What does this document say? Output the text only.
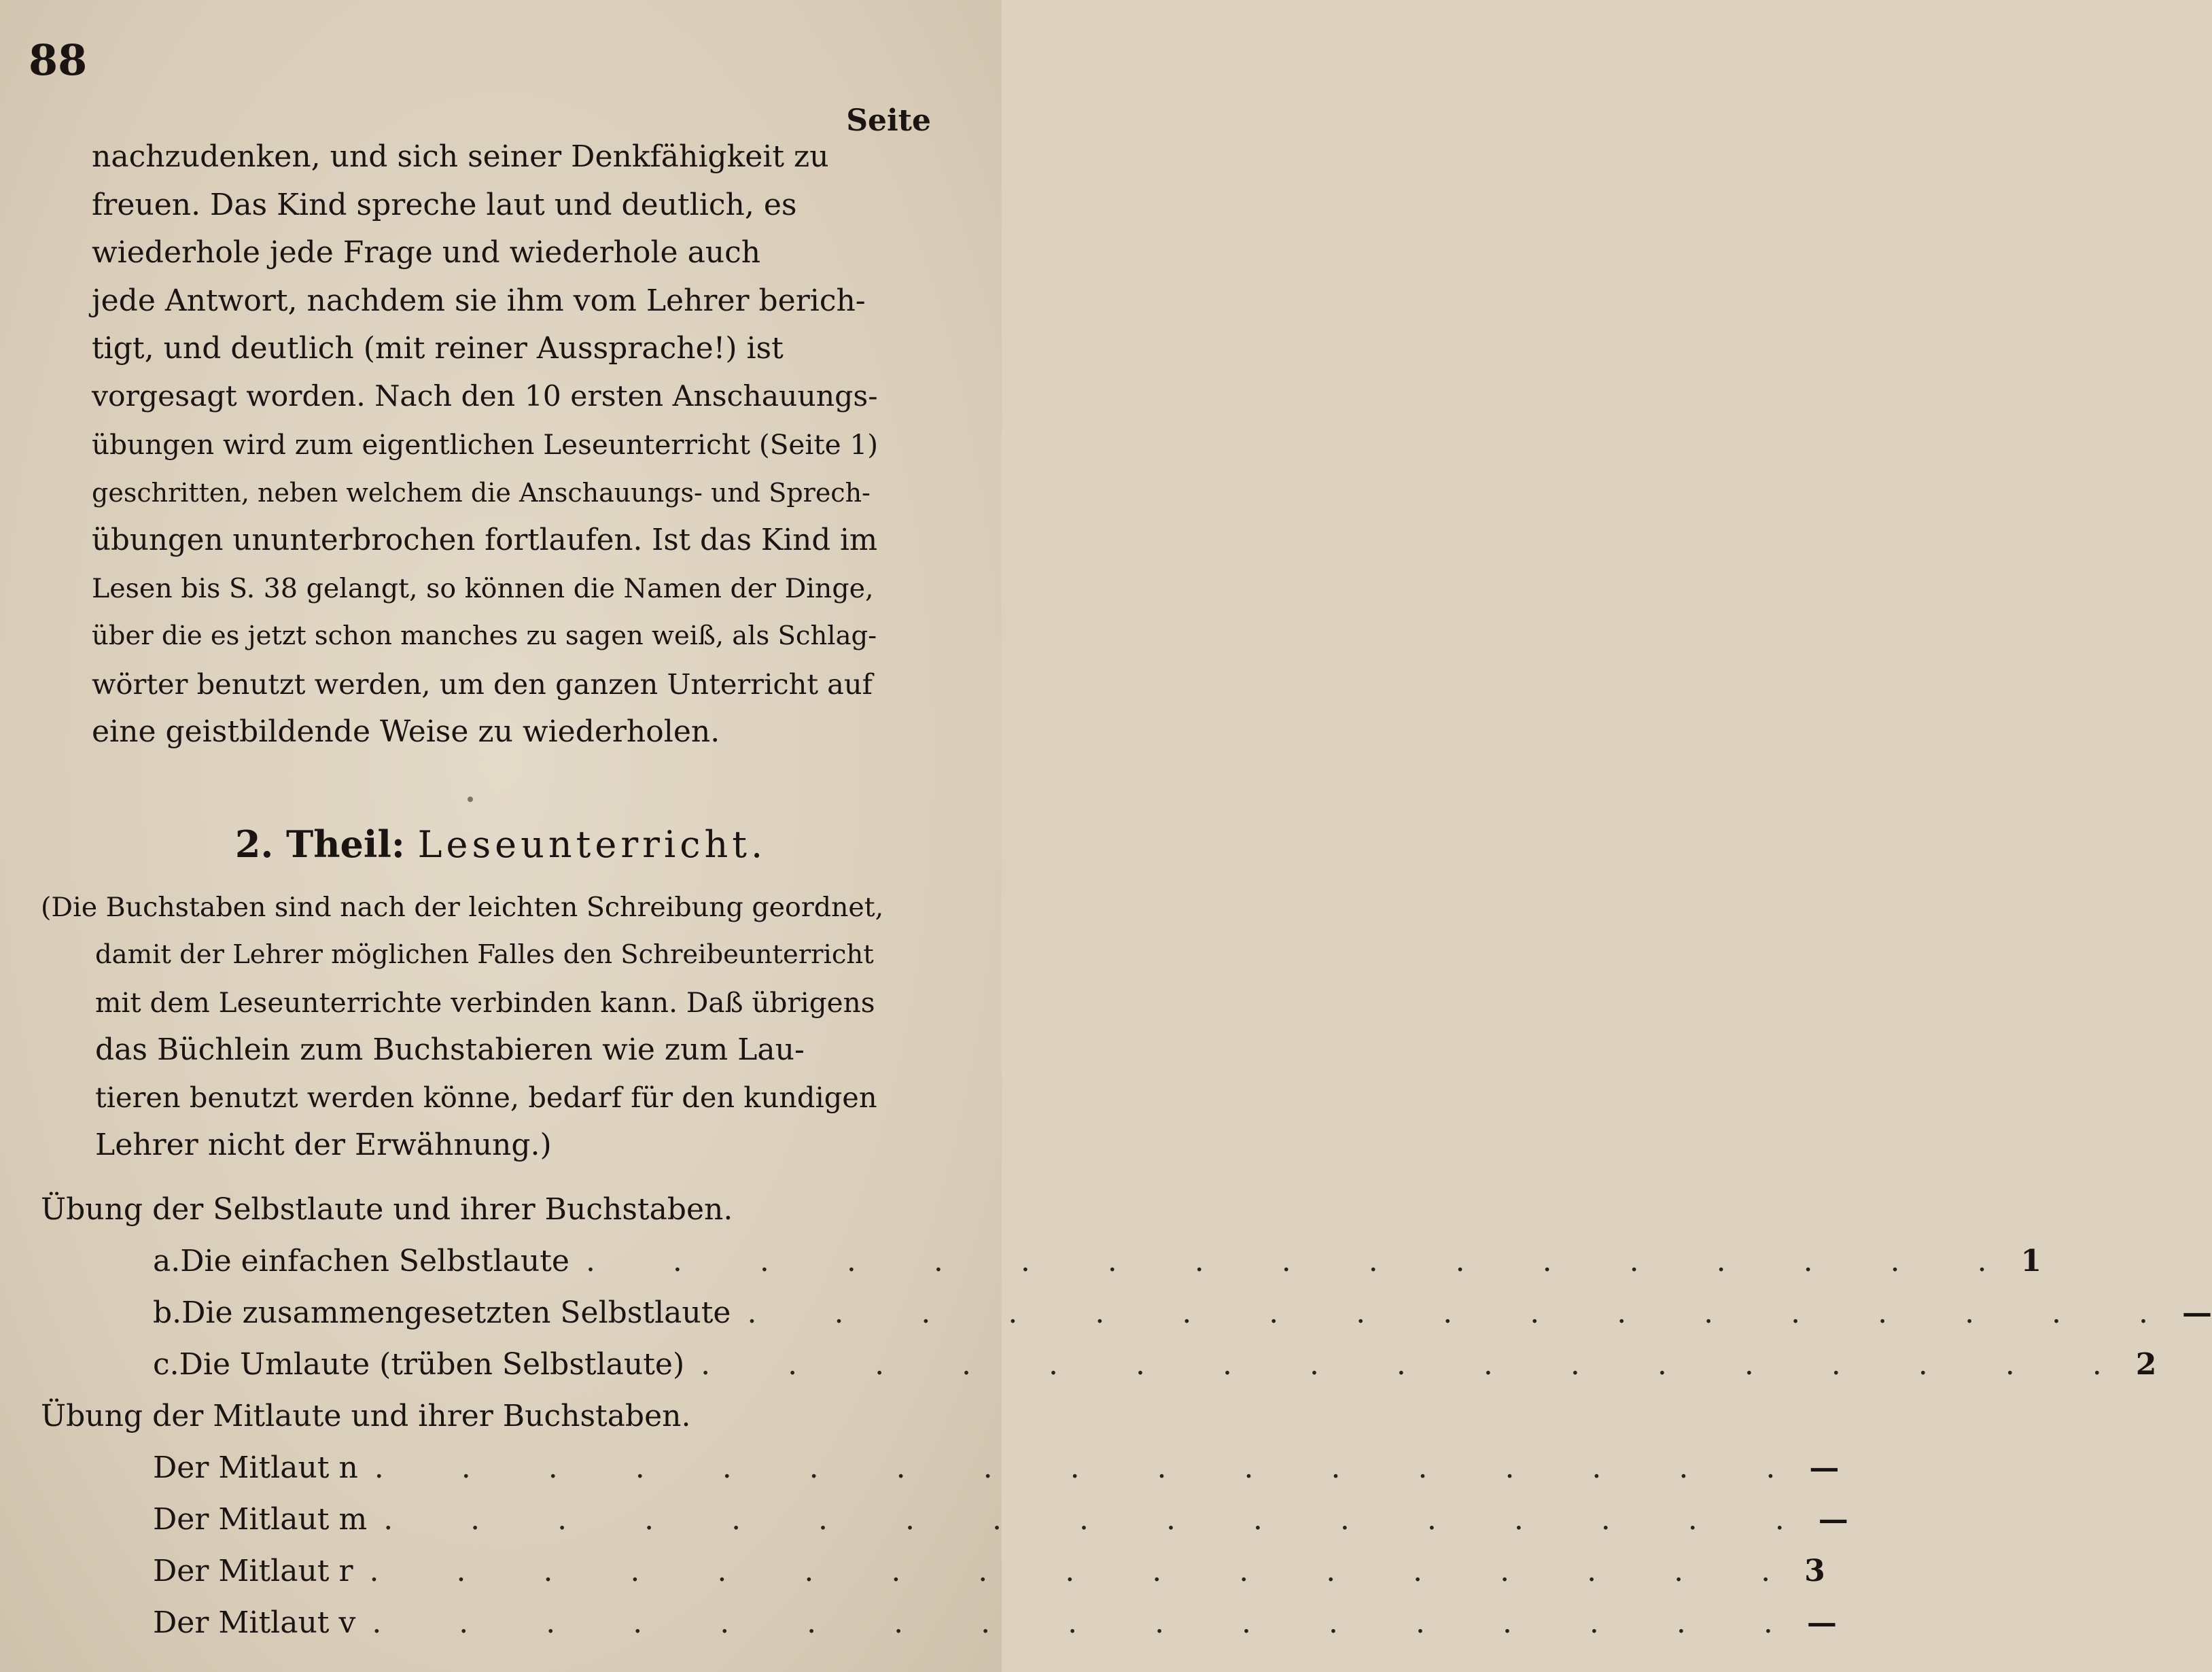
88
Seite
nachzudenken, und sich seiner Denkfähigkeit zu
freuen. Das Kind spreche laut und deutlich, es
wiederhole jede Frage und wiederhole auch
jede Antwort, nachdem sie ihm vom Lehrer berich-
tigt, und deutlich (mit reiner Aussprache!) ist
vorgesagt worden. Nach den 10 ersten Anschauungs-
übungen wird zum eigentlichen Leseunterricht (Seite 1)
geschritten, neben welchem die Anschauungs- und Sprech-
übungen ununterbrochen fortlaufen. Ist das Kind im
Lesen bis S. 38 gelangt, so können die Namen der Dinge,
über die es jetzt schon manches zu sagen weiß, als Schlag-
wörter benutzt werden, um den ganzen Unterricht auf
eine geistbildende Weise zu wiederholen.
2. Theil: Leseunterricht.
(Die Buchstaben sind nach der leichten Schreibung geordnet,
damit der Lehrer möglichen Falles den Schreibeunterricht
mit dem Leseunterrichte verbinden kann. Daß übrigens
das Büchlein zum Buchstabieren wie zum Lau-
tieren benutzt werden könne, bedarf für den kundigen
Lehrer nicht der Erwähnung.)
Übung der Selbstlaute und ihrer Buchstaben.
a. Die einfachen Selbstlaute . . . . . . . . . . . . . . . . . 1
b. Die zusammengesetzten Selbstlaute . . . . . . . . . . . . . . . . . —
c. Die Umlaute (trüben Selbstlaute) . . . . . . . . . . . . . . . . . 2
Übung der Mitlaute und ihrer Buchstaben.
Der Mitlaut n . . . . . . . . . . . . . . . . . —
Der Mitlaut m . . . . . . . . . . . . . . . . . —
Der Mitlaut r . . . . . . . . . . . . . . . . . 3
Der Mitlaut v . . . . . . . . . . . . . . . . . —
